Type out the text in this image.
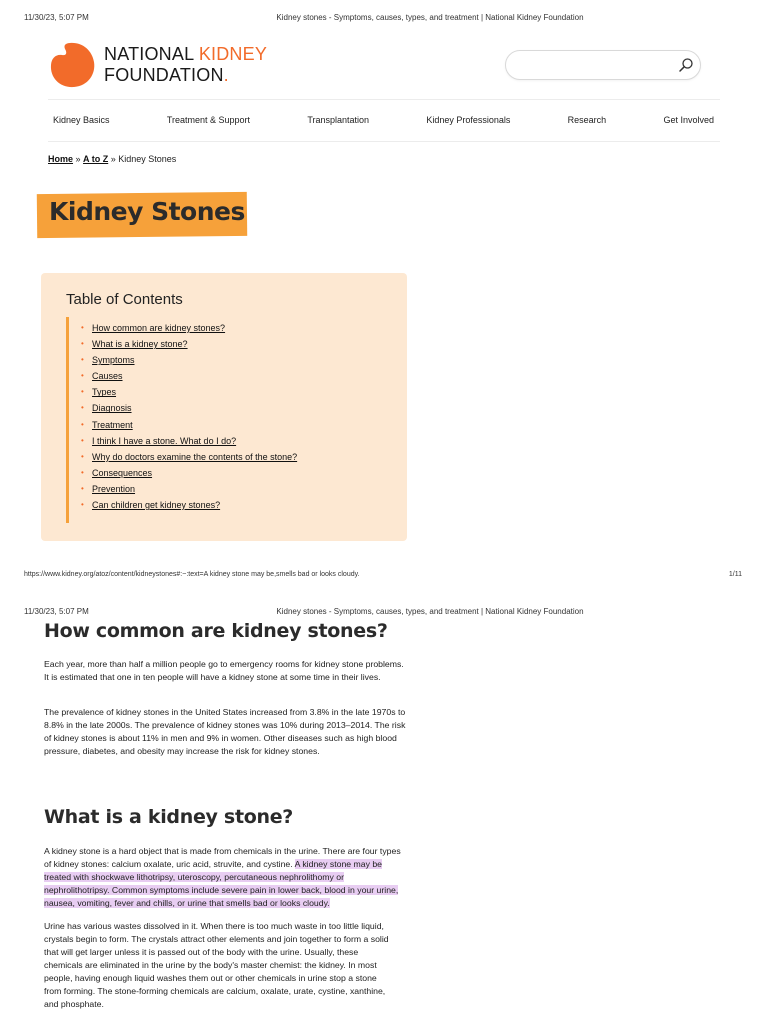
11/30/23, 5:07 PM	Kidney stones - Symptoms, causes, types, and treatment | National Kidney Foundation
NATIONAL KIDNEY
FOUNDATION.
Kidney Basics	Treatment & Support	Transplantation	Kidney Professionals	Research	Get Involved
Home » A to Z » Kidney Stones
Kidney Stones
Table of Contents
• How common are kidney stones?
• What is a kidney stone?
• Symptoms
• Causes
• Types
• Diagnosis
• Treatment
• I think I have a stone. What do I do?
• Why do doctors examine the contents of the stone?
• Consequences
• Prevention
• Can children get kidney stones?
https://www.kidney.org/atoz/content/kidneystones#:~:text=A kidney stone may be,smells bad or looks cloudy.	1/11
11/30/23, 5:07 PM	Kidney stones - Symptoms, causes, types, and treatment | National Kidney Foundation
How common are kidney stones?
Each year, more than half a million people go to emergency rooms for kidney stone problems. It is estimated that one in ten people will have a kidney stone at some time in their lives.
The prevalence of kidney stones in the United States increased from 3.8% in the late 1970s to 8.8% in the late 2000s. The prevalence of kidney stones was 10% during 2013–2014. The risk of kidney stones is about 11% in men and 9% in women. Other diseases such as high blood pressure, diabetes, and obesity may increase the risk for kidney stones.
What is a kidney stone?
A kidney stone is a hard object that is made from chemicals in the urine. There are four types of kidney stones: calcium oxalate, uric acid, struvite, and cystine. A kidney stone may be treated with shockwave lithotripsy, uteroscopy, percutaneous nephrolithomy or nephrolithotripsy. Common symptoms include severe pain in lower back, blood in your urine, nausea, vomiting, fever and chills, or urine that smells bad or looks cloudy.
Urine has various wastes dissolved in it. When there is too much waste in too little liquid, crystals begin to form. The crystals attract other elements and join together to form a solid that will get larger unless it is passed out of the body with the urine. Usually, these chemicals are eliminated in the urine by the body's master chemist: the kidney. In most people, having enough liquid washes them out or other chemicals in urine stop a stone from forming. The stone-forming chemicals are calcium, oxalate, urate, cystine, xanthine, and phosphate.
